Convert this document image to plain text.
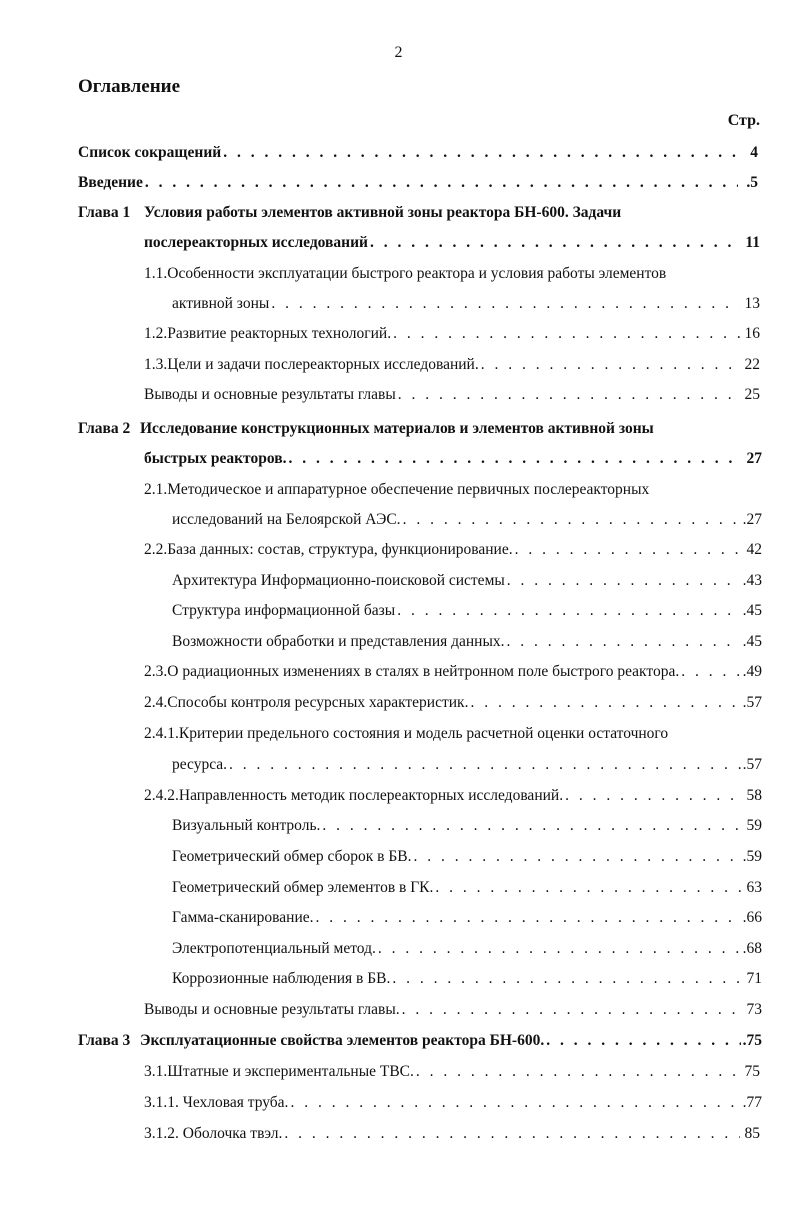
2
Оглавление
Стр.
Список сокращений . . .	4
Введение . . .	.5
Глава 1 Условия работы элементов активной зоны реактора БН-600. Задачи
послереакторных исследований . . .	11
1.1.Особенности эксплуатации быстрого реактора и условия работы элементов
активной зоны . . .	13
1.2.Развитие реакторных технологий. . . .	16
1.3.Цели и задачи послереакторных исследований. . . .	22
Выводы и основные результаты главы . . .	25
Глава 2 Исследование конструкционных материалов и элементов активной зоны
быстрых реакторов. . . .	27
2.1.Методическое и аппаратурное обеспечение первичных послереакторных
исследований на Белоярской АЭС. . . .	.27
2.2.База данных: состав, структура, функционирование. . . .	42
Архитектура Информационно-поисковой системы . . .	.43
Структура информационной базы . . .	.45
Возможности обработки и представления данных. . . .	.45
2.3.О радиационных изменениях в сталях в нейтронном поле быстрого реактора. . . .	.49
2.4.Способы контроля ресурсных характеристик. . . .	.57
2.4.1.Критерии предельного состояния и модель расчетной оценки остаточного
ресурса. . . .	.57
2.4.2.Направленность методик послереакторных исследований. . . .	58
Визуальный контроль. . . .	59
Геометрический обмер сборок в БВ. . . .	.59
Геометрический обмер элементов в ГК. . . .	63
Гамма-сканирование. . . .	.66
Электропотенциальный метод. . . .	.68
Коррозионные наблюдения в БВ. . . .	71
Выводы и основные результаты главы. . . .	73
Глава 3 Эксплуатационные свойства элементов реактора БН-600. . . .	.75
3.1.Штатные и экспериментальные ТВС. . . .	75
3.1.1. Чехловая труба. . . .	.77
3.1.2. Оболочка твэл. . . .	85
